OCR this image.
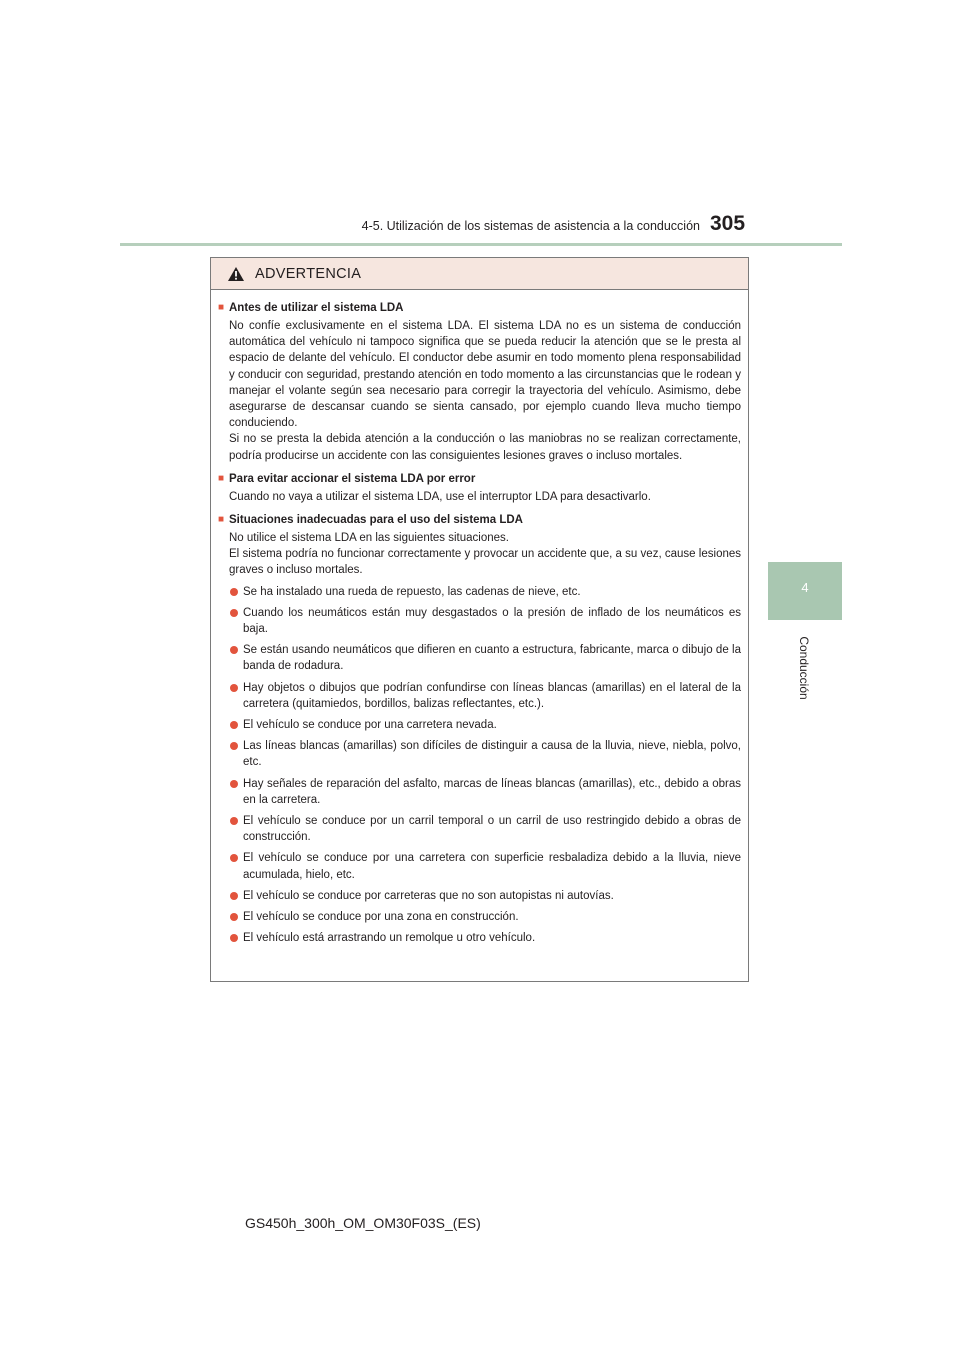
4-5. Utilización de los sistemas de asistencia a la conducción 305
4
Conducción
ADVERTENCIA
■ Antes de utilizar el sistema LDA

No confíe exclusivamente en el sistema LDA. El sistema LDA no es un sistema de conducción automática del vehículo ni tampoco significa que se pueda reducir la atención que se le presta al espacio de delante del vehículo. El conductor debe asumir en todo momento plena responsabilidad y conducir con seguridad, prestando atención en todo momento a las circunstancias que le rodean y manejar el volante según sea necesario para corregir la trayectoria del vehículo. Asimismo, debe asegurarse de descansar cuando se sienta cansado, por ejemplo cuando lleva mucho tiempo conduciendo.

Si no se presta la debida atención a la conducción o las maniobras no se realizan correctamente, podría producirse un accidente con las consiguientes lesiones graves o incluso mortales.

■ Para evitar accionar el sistema LDA por error

Cuando no vaya a utilizar el sistema LDA, use el interruptor LDA para desactivarlo.

■ Situaciones inadecuadas para el uso del sistema LDA

No utilice el sistema LDA en las siguientes situaciones.

El sistema podría no funcionar correctamente y provocar un accidente que, a su vez, cause lesiones graves o incluso mortales.

Se ha instalado una rueda de repuesto, las cadenas de nieve, etc.
Cuando los neumáticos están muy desgastados o la presión de inflado de los neumáticos es baja.
Se están usando neumáticos que difieren en cuanto a estructura, fabricante, marca o dibujo de la banda de rodadura.
Hay objetos o dibujos que podrían confundirse con líneas blancas (amarillas) en el lateral de la carretera (quitamiedos, bordillos, balizas reflectantes, etc.).
El vehículo se conduce por una carretera nevada.
Las líneas blancas (amarillas) son difíciles de distinguir a causa de la lluvia, nieve, niebla, polvo, etc.
Hay señales de reparación del asfalto, marcas de líneas blancas (amarillas), etc., debido a obras en la carretera.
El vehículo se conduce por un carril temporal o un carril de uso restringido debido a obras de construcción.
El vehículo se conduce por una carretera con superficie resbaladiza debido a la lluvia, nieve acumulada, hielo, etc.
El vehículo se conduce por carreteras que no son autopistas ni autovías.
El vehículo se conduce por una zona en construcción.
El vehículo está arrastrando un remolque u otro vehículo.
GS450h_300h_OM_OM30F03S_(ES)
